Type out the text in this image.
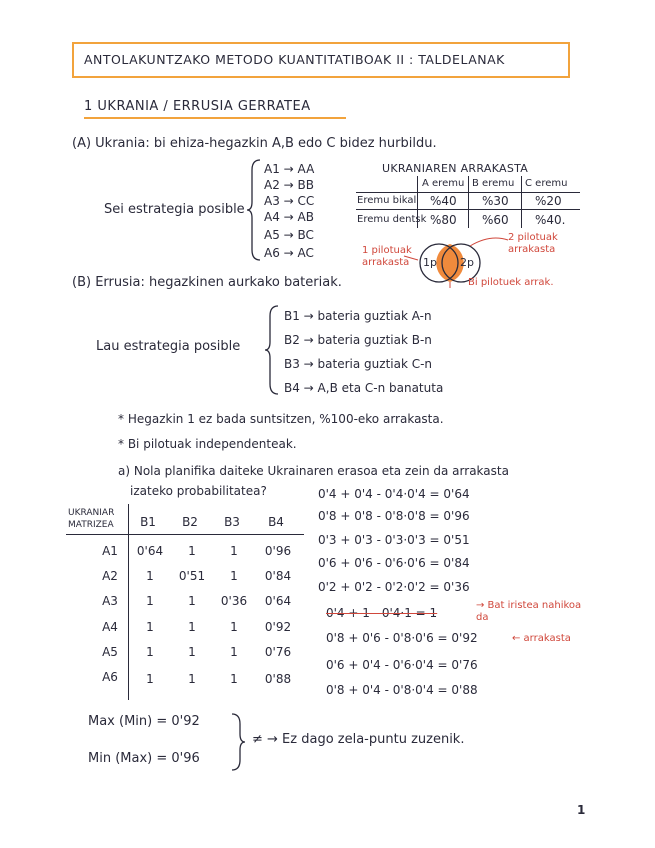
ANTOLAKUNTZAKO METODO KUANTITATIBOAK II : TALDELANAK
1 UKRANIA / ERRUSIA GERRATEA
(A) Ukrania: bi ehiza-hegazkin A,B edo C bidez hurbildu.
Sei estrategia posible
A1 → AA
A2 → BB
A3 → CC
A4 → AB
A5 → BC
A6 → AC
UKRANIAREN ARRAKASTA
A eremu B eremu C eremu
Eremu bikal %40 %30 %20
Eremu dentsk %80 %60 %40.
1p 2p
1 pilotuak arrakasta
2 pilotuak arrakasta
Bi pilotuek arrak.
(B) Errusia: hegazkinen aurkako bateriak.
Lau estrategia posible
B1 → bateria guztiak A-n
B2 → bateria guztiak B-n
B3 → bateria guztiak C-n
B4 → A,B eta C-n banatuta
* Hegazkin 1 ez bada suntsitzen, %100-eko arrakasta.
* Bi pilotuak independenteak.
a) Nola planifika daiteke Ukrainaren erasoa eta zein da arrakasta
izateko probabilitatea?
UKRANIAR
MATRIZEA	B1	B2	B3	B4
A1	0'64	1	1	0'96
A2	1	0'51	1	0'84
A3	1	1	0'36	0'64
A4	1	1	1	0'92
A5	1	1	1	0'76
A6	1	1	1	0'88
0'4 + 0'4 - 0'4·0'4 = 0'64
0'8 + 0'8 - 0'8·0'8 = 0'96
0'3 + 0'3 - 0'3·0'3 = 0'51
0'6 + 0'6 - 0'6·0'6 = 0'84
0'2 + 0'2 - 0'2·0'2 = 0'36
0'4 + 1 - 0'4·1 = 1
→ Bat iristea nahikoa da
0'8 + 0'6 - 0'8·0'6 = 0'92	← arrakasta
0'6 + 0'4 - 0'6·0'4 = 0'76
0'8 + 0'4 - 0'8·0'4 = 0'88
Max (Min) = 0'92
Min (Max) = 0'96
≠ → Ez dago zela-puntu zuzenik.
1
